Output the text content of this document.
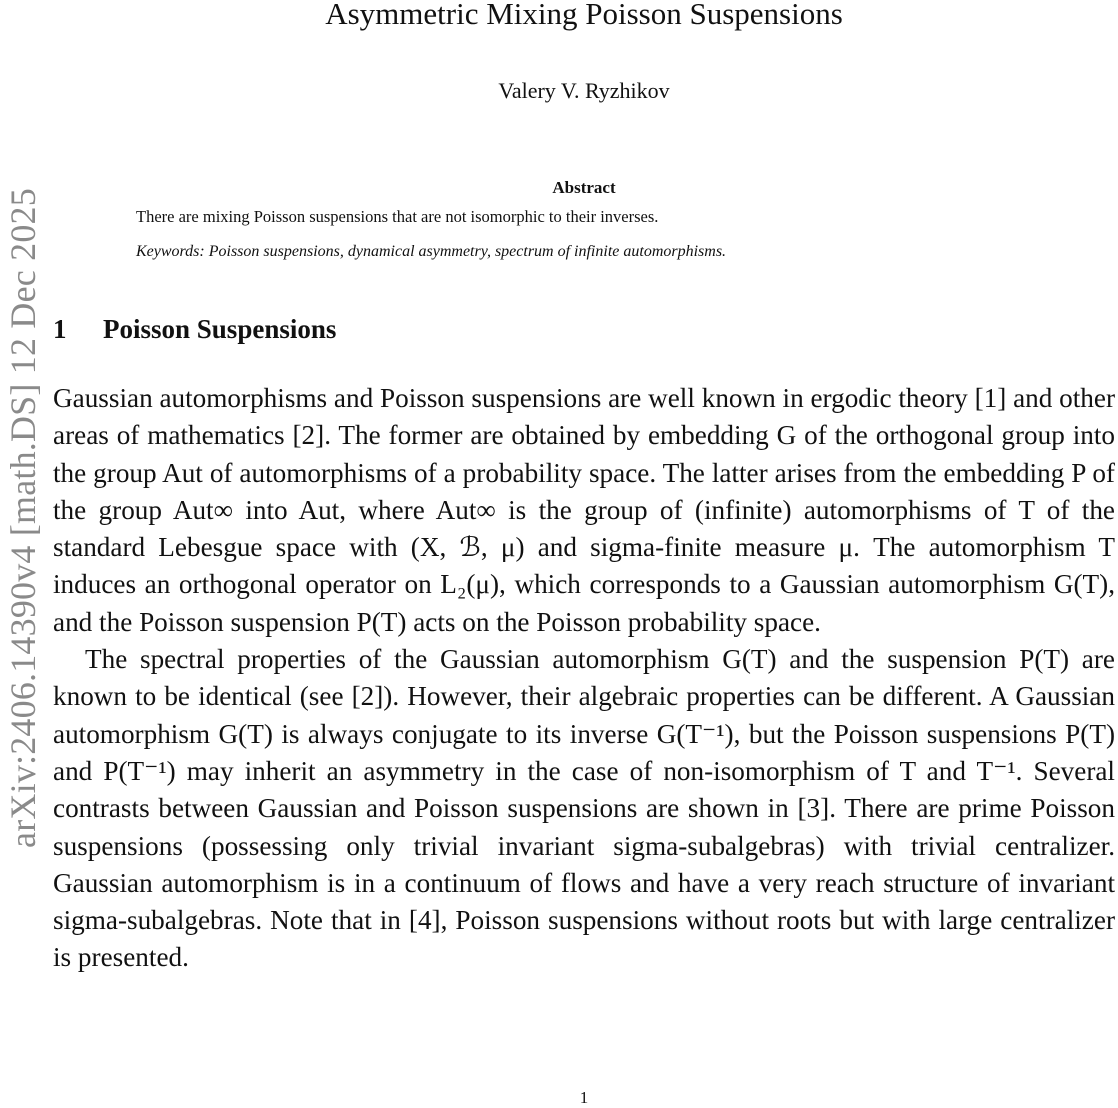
arXiv:2406.14390v4 [math.DS] 12 Dec 2025
Asymmetric Mixing Poisson Suspensions
Valery V. Ryzhikov
Abstract
There are mixing Poisson suspensions that are not isomorphic to their inverses.
Keywords: Poisson suspensions, dynamical asymmetry, spectrum of infinite automorphisms.
1 Poisson Suspensions

Gaussian automorphisms and Poisson suspensions are well known in ergodic theory [1] and other areas of mathematics [2]. The former are obtained by embedding G of the orthogonal group into the group Aut of automorphisms of a probability space. The latter arises from the embedding P of the group Aut∞ into Aut, where Aut∞ is the group of (infinite) automorphisms of T of the standard Lebesgue space with (X, ℬ, μ) and sigma-finite measure μ. The automorphism T induces an orthogonal operator on L₂(μ), which corresponds to a Gaussian automorphism G(T), and the Poisson suspension P(T) acts on the Poisson probability space.

The spectral properties of the Gaussian automorphism G(T) and the suspension P(T) are known to be identical (see [2]). However, their algebraic properties can be different. A Gaussian automorphism G(T) is always conjugate to its inverse G(T⁻¹), but the Poisson suspensions P(T) and P(T⁻¹) may inherit an asymmetry in the case of non-isomorphism of T and T⁻¹. Several contrasts between Gaussian and Poisson suspensions are shown in [3]. There are prime Poisson suspensions (possessing only trivial invariant sigma-subalgebras) with trivial centralizer. Gaussian automorphism is in a continuum of flows and have a very reach structure of invariant sigma-subalgebras. Note that in [4], Poisson suspensions without roots but with large centralizer is presented.

1
